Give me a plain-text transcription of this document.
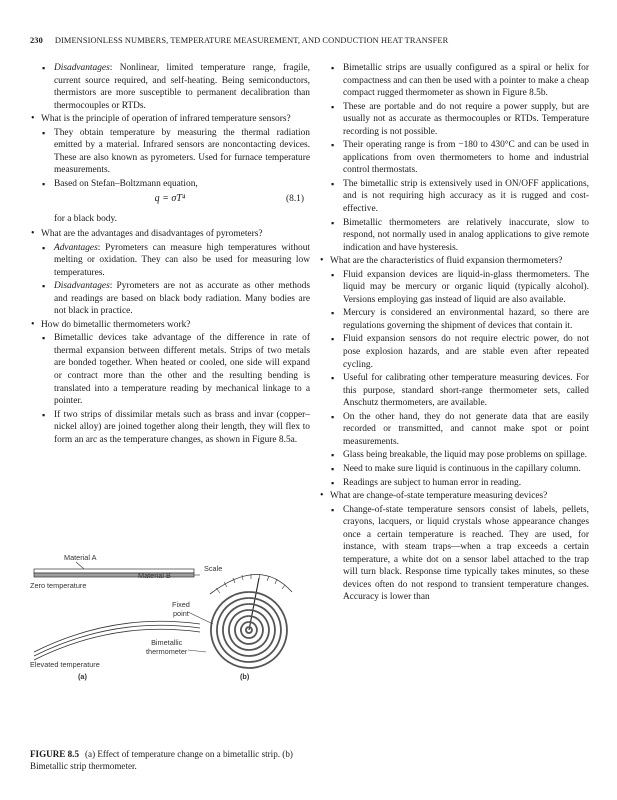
230 DIMENSIONLESS NUMBERS, TEMPERATURE MEASUREMENT, AND CONDUCTION HEAT TRANSFER
▪ Disadvantages: Nonlinear, limited temperature range, fragile, current source required, and self-heating. Being semiconductors, thermistors are more susceptible to permanent decalibration than thermocouples or RTDs.
• What is the principle of operation of infrared temperature sensors?
▪ They obtain temperature by measuring the thermal radiation emitted by a material. Infrared sensors are noncontacting devices. These are also known as pyrometers. Used for furnace temperature measurements.
▪ Based on Stefan–Boltzmann equation,
q = σT⁴	(8.1)
for a black body.
• What are the advantages and disadvantages of pyrometers?
▪ Advantages: Pyrometers can measure high temperatures without melting or oxidation. They can also be used for measuring low temperatures.
▪ Disadvantages: Pyrometers are not as accurate as other methods and readings are based on black body radiation. Many bodies are not black in practice.
• How do bimetallic thermometers work?
▪ Bimetallic devices take advantage of the difference in rate of thermal expansion between different metals. Strips of two metals are bonded together. When heated or cooled, one side will expand or contract more than the other and the resulting bending is translated into a temperature reading by mechanical linkage to a pointer.
▪ If two strips of dissimilar metals such as brass and invar (copper–nickel alloy) are joined together along their length, they will flex to form an arc as the temperature changes, as shown in Figure 8.5a.
Material A
Material B
Zero temperature
Scale
Fixed
point
Bimetallic
thermometer
Elevated temperature
(a)	(b)
FIGURE 8.5 (a) Effect of temperature change on a bimetallic strip. (b) Bimetallic strip thermometer.
▪ Bimetallic strips are usually configured as a spiral or helix for compactness and can then be used with a pointer to make a cheap compact rugged thermometer as shown in Figure 8.5b.
▪ These are portable and do not require a power supply, but are usually not as accurate as thermocouples or RTDs. Temperature recording is not possible.
▪ Their operating range is from −180 to 430°C and can be used in applications from oven thermometers to home and industrial control thermostats.
▪ The bimetallic strip is extensively used in ON/OFF applications, and is not requiring high accuracy as it is rugged and cost-effective.
▪ Bimetallic thermometers are relatively inaccurate, slow to respond, not normally used in analog applications to give remote indication and have hysteresis.
• What are the characteristics of fluid expansion thermometers?
▪ Fluid expansion devices are liquid-in-glass thermometers. The liquid may be mercury or organic liquid (typically alcohol). Versions employing gas instead of liquid are also available.
▪ Mercury is considered an environmental hazard, so there are regulations governing the shipment of devices that contain it.
▪ Fluid expansion sensors do not require electric power, do not pose explosion hazards, and are stable even after repeated cycling.
▪ Useful for calibrating other temperature measuring devices. For this purpose, standard short-range thermometer sets, called Anschutz thermometers, are available.
▪ On the other hand, they do not generate data that are easily recorded or transmitted, and cannot make spot or point measurements.
▪ Glass being breakable, the liquid may pose problems on spillage.
▪ Need to make sure liquid is continuous in the capillary column.
▪ Readings are subject to human error in reading.
• What are change-of-state temperature measuring devices?
▪ Change-of-state temperature sensors consist of labels, pellets, crayons, lacquers, or liquid crystals whose appearance changes once a certain temperature is reached. They are used, for instance, with steam traps—when a trap exceeds a certain temperature, a white dot on a sensor label attached to the trap will turn black. Response time typically takes minutes, so these devices often do not respond to transient temperature changes. Accuracy is lower than
